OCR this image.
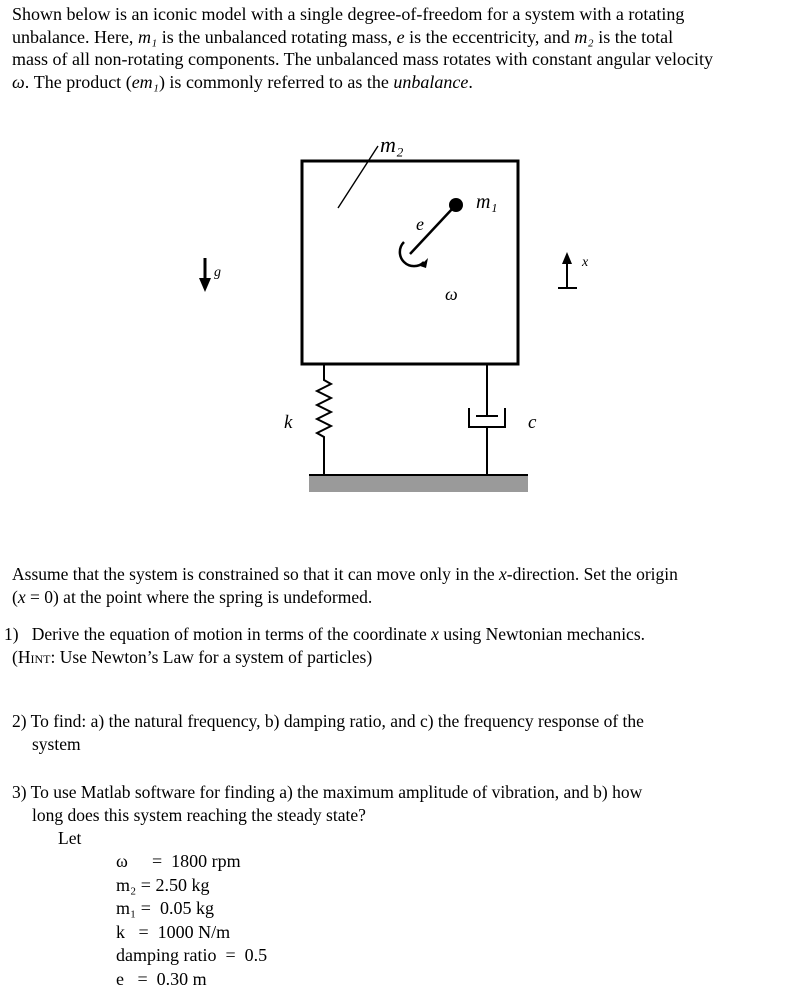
Shown below is an iconic model with a single degree-of-freedom for a system with a rotating
unbalance. Here, m₁ is the unbalanced rotating mass, e is the eccentricity, and m₂ is the total
mass of all non-rotating components. The unbalanced mass rotates with constant angular velocity
ω. The product (em₁) is commonly referred to as the unbalance.
m₂
m₁
e
ω
g
x
k	c
Assume that the system is constrained so that it can move only in the x-direction. Set the origin
(x = 0) at the point where the spring is undeformed.
1) Derive the equation of motion in terms of the coordinate x using Newtonian mechanics.
(Hint: Use Newton’s Law for a system of particles)
2) To find: a) the natural frequency, b) damping ratio, and c) the frequency response of the
system
3) To use Matlab software for finding a) the maximum amplitude of vibration, and b) how
long does this system reaching the steady state?
Let
ω = 1800 rpm
m₂ = 2.50 kg
m₁ = 0.05 kg
k = 1000 N/m
damping ratio = 0.5
e = 0.30 m
